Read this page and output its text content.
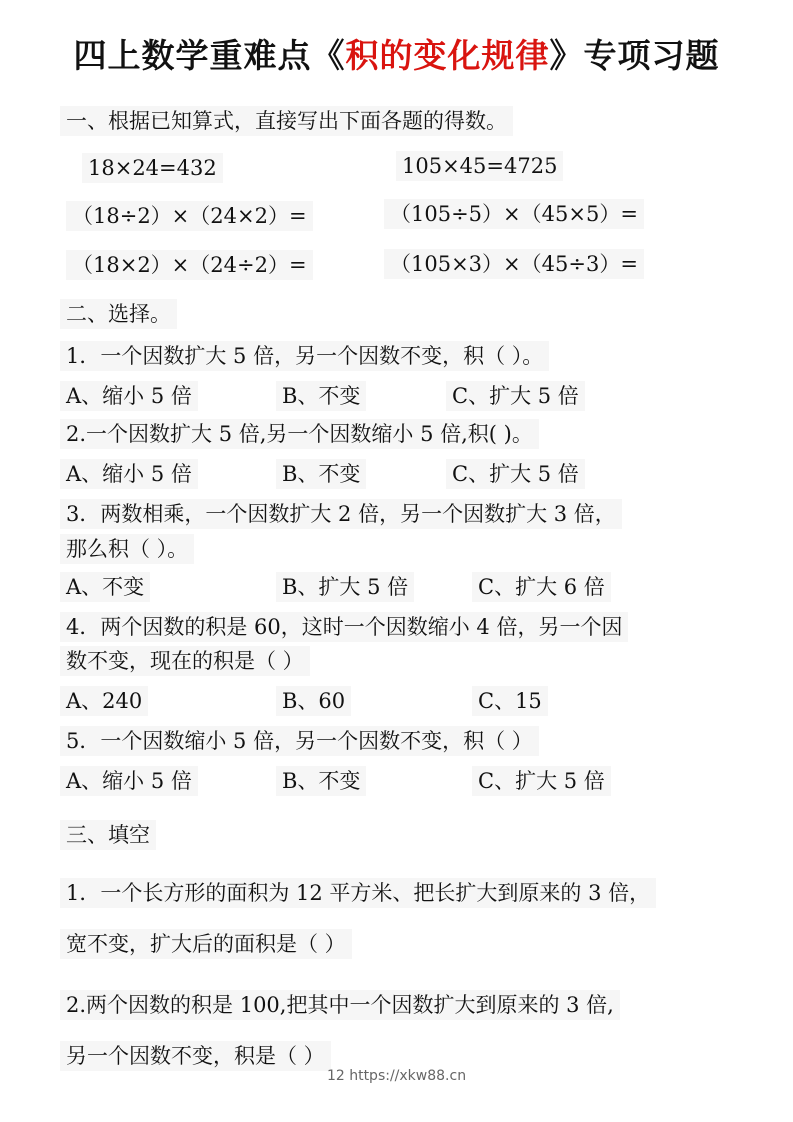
四上数学重难点《积的变化规律》专项习题
一、根据已知算式，直接写出下面各题的得数。
18×24=432	105×45=4725
（18÷2）×（24×2）=	（105÷5）×（45×5）=
（18×2）×（24÷2）=	（105×3）×（45÷3）=
二、选择。
1．一个因数扩大 5 倍，另一个因数不变，积（ ）。
A、缩小 5 倍	B、不变	C、扩大 5 倍
2.一个因数扩大 5 倍,另一个因数缩小 5 倍,积( )。
A、缩小 5 倍	B、不变	C、扩大 5 倍
3．两数相乘，一个因数扩大 2 倍，另一个因数扩大 3 倍，
那么积（ ）。
A、不变	B、扩大 5 倍	C、扩大 6 倍
4．两个因数的积是 60，这时一个因数缩小 4 倍，另一个因
数不变，现在的积是（ ）
A、240	B、60	C、15
5．一个因数缩小 5 倍，另一个因数不变，积（ ）
A、缩小 5 倍	B、不变	C、扩大 5 倍
三、填空
1．一个长方形的面积为 12 平方米、把长扩大到原来的 3 倍，
宽不变，扩大后的面积是（ ）
2.两个因数的积是 100,把其中一个因数扩大到原来的 3 倍,
另一个因数不变，积是（ ）
12 https://xkw88.cn
